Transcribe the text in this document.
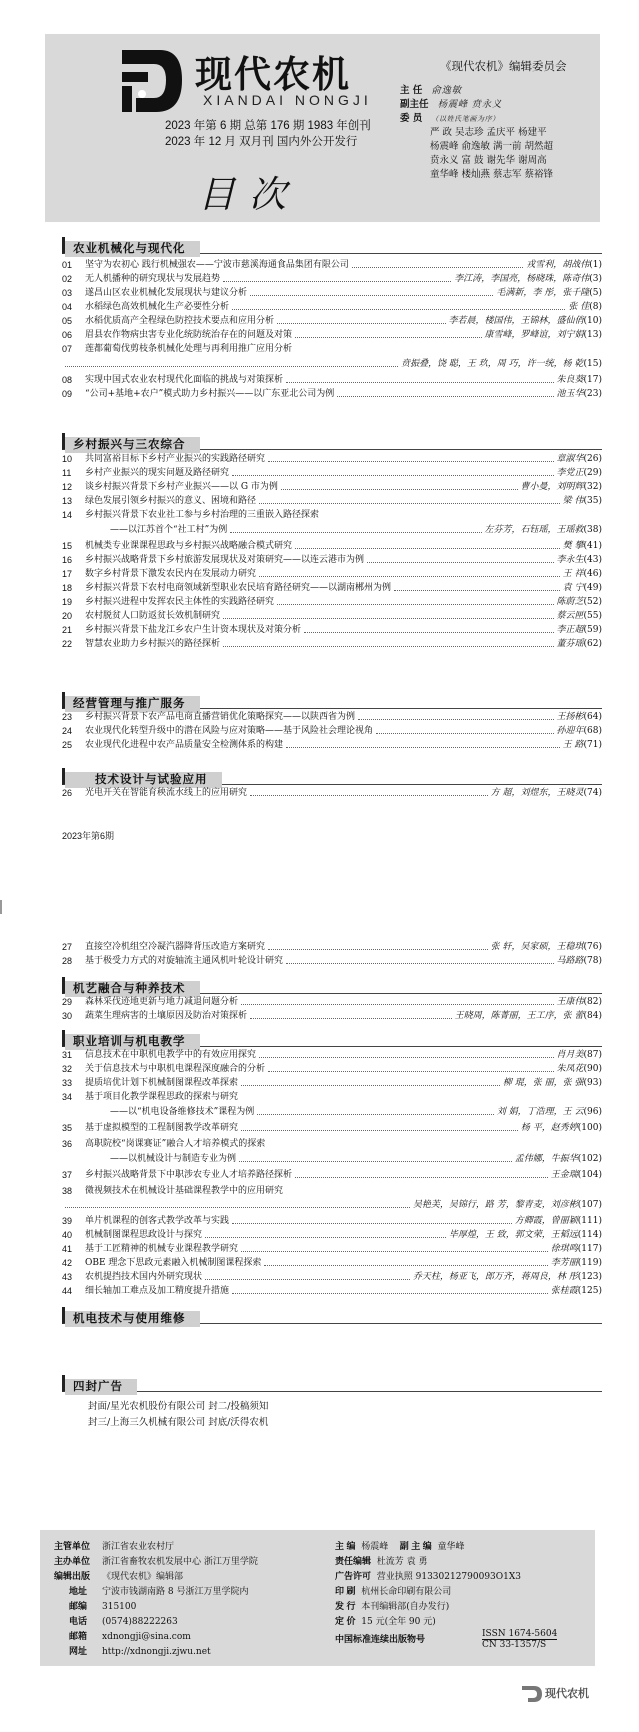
现代农机
XIANDAI NONGJI
2023 年第 6 期 总第 176 期 1983 年创刊
2023 年 12 月 双月刊 国内外公开发行
目次
《现代农机》编辑委员会
主 任 俞逸敏
副主任 杨震峰 贲永义
委 员 （以姓氏笔画为序）
严 政 吴志珍 孟庆平 杨建平
杨震峰 俞逸敏 满一前 胡然超
贲永义 富 鼓 谢先华 谢周高
童华峰 楼灿燕 蔡志军 蔡裕锋
农业机械化与现代化
乡村振兴与三农综合
经营管理与推广服务
技术设计与试验应用
2023年第6期
机艺融合与种养技术
职业培训与机电教学
机电技术与使用维修
四封广告
封面/星光农机股份有限公司 封二/投稿须知
封三/上海三久机械有限公司 封底/沃得农机
主管单位 浙江省农业农村厅
主办单位 浙江省畜牧农机发展中心 浙江万里学院
编辑出版 《现代农机》编辑部
地址 宁波市钱湖南路 8 号浙江万里学院内
邮编 315100
电话 (0574)88222263
邮箱 xdnongji@sina.com
网址 http://xdnongji.zjwu.net
主 编 杨震峰 副 主 编 童华峰
责任编辑 杜流芳 袁 勇
广告许可 营业执照 91330212790093O1X3
印 刷 杭州长命印刷有限公司
发 行 本刊编辑部(自办发行)
定 价 15 元(全年 90 元)
中国标准连续出版物号	ISSN 1674-5604
CN 33-1357/S
现代农机
01	坚守为农初心 践行机械强农——宁波市慈溪海通食品集团有限公司	戎雪利，胡战伟 (1)
02	无人机播种的研究现状与发展趋势	李江涛，李国亮，杨晓珠，陈奇伟 (3)
03	遂昌山区农业机械化发展现状与建议分析	毛满新，李 彤，张千隆 (5)
04	水稻绿色高效机械化生产必要性分析	张 佳 (8)
05	水稻优质高产全程绿色防控技术要点和应用分析	李若晨，楼国伟，王锦林，盛仙俏 (10)
06	眉县农作物病虫害专业化统防统治存在的问题及对策	康雪峰，罗峰谊，刘宁娟 (13)
07	莲都葡萄伐剪枝条机械化处理与再利用推广应用分析
贲振叠，饶 聪，王 玖，周 巧，许一统，杨 乾 (15)
08	实现中国式农业农村现代化面临的挑战与对策探析	朱良葵 (17)
09	“公司+基地+农户”模式助力乡村振兴——以广东亚北公司为例	池玉华 (23)
10	共同富裕目标下乡村产业振兴的实践路径研究	章淑华 (26)
11	乡村产业振兴的现实问题及路径研究	李党正 (29)
12	谈乡村振兴背景下乡村产业振兴——以 G 市为例	曹小曼，刘明辉 (32)
13	绿色发展引领乡村振兴的意义、困境和路径	梁 伟 (35)
14	乡村振兴背景下农业社工参与乡村治理的三重嵌入路径探索
——以江苏首个“社工村”为例	左芬芳，石钰瑶，王瑶救 (38)
15	机械类专业课课程思政与乡村振兴战略融合模式研究	樊 攀 (41)
16	乡村振兴战略背景下乡村旅游发展现状及对策研究——以连云港市为例	李永生 (43)
17	数字乡村背景下激发农民内在发展动力研究	王 祥 (46)
18	乡村振兴背景下农村电商领域新型职业农民培育路径研究——以湖南郴州为例	袁 宁 (49)
19	乡村振兴进程中发挥农民主体性的实践路径研究	陈蔚芝 (52)
20	农村脱贫人口防返贫长效机制研究	蔡云匣 (55)
21	乡村振兴背景下盐龙江乡农户生计资本现状及对策分析	李正超 (59)
22	智慧农业助力乡村振兴的路径探析	董芬瑶 (62)
23	乡村振兴背景下农产品电商直播营销优化策略探究——以陕西省为例	王扬彬 (64)
24	农业现代化转型升级中的潜在风险与应对策略——基于风险社会理论视角	孙迎年 (68)
25	农业现代化进程中农产品质量安全检测体系的构建	王 路 (71)
26	光电开关在智能育秧流水线上的应用研究	方 超，刘煜东，王晓灵 (74)
27	直接空冷机组空冷凝汽器降背压改造方案研究	张 轩，吴家硕，王稳琪 (76)
28	基于极受力方式的对旋轴流主通风机叶轮设计研究	马路路 (78)
29	森林采伐迹地更新与地力减退问题分析	王康伟 (82)
30	蔬菜生理病害的土壤原因及防治对策探析	王晓周，陈菁丽，王工序，张 蕾 (84)
31	信息技术在中职机电教学中的有效应用探究	肖月美 (87)
32	关于信息技术与中职机电课程深度融合的分析	朱凤花 (90)
33	提质培优计划下机械制图课程改革探索	柳 琨，张 丽，张 强 (93)
34	基于项目化教学课程思政的探索与研究
——以“机电设备维修技术”课程为例	刘 娟，丁浩理，王 云 (96)
35	基于虚拟模型的工程制图教学改革研究	杨 平，赵秀婷 (100)
36	高职院校“岗课赛证”融合人才培养模式的探索
——以机械设计与制造专业为例	孟伟娜，牛振华 (102)
37	乡村振兴战略背景下中职涉农专业人才培养路径探析	王金瑞 (104)
38	微视频技术在机械设计基础课程教学中的应用研究
吴艳芙，吴锦行，路 芳，黎青麦，刘彦彬 (107)
39	单片机课程的创客式教学改革与实践	方卿霞，曾丽颖 (111)
40	机械制图课程思政设计与探究	毕厚煌，王 致，郭文荣，王韬远 (114)
41	基于工匠精神的机械专业课程教学研究	徐琪鸣 (117)
42	OBE 理念下思政元素融入机械制图课程探索	李芳丽 (119)
43	农机提挡技术国内外研究现状	乔天柱，杨亚飞，郎万齐，蒋周良，林 彤 (123)
44	细长轴加工难点及加工精度提升措施	张桂霞 (125)
